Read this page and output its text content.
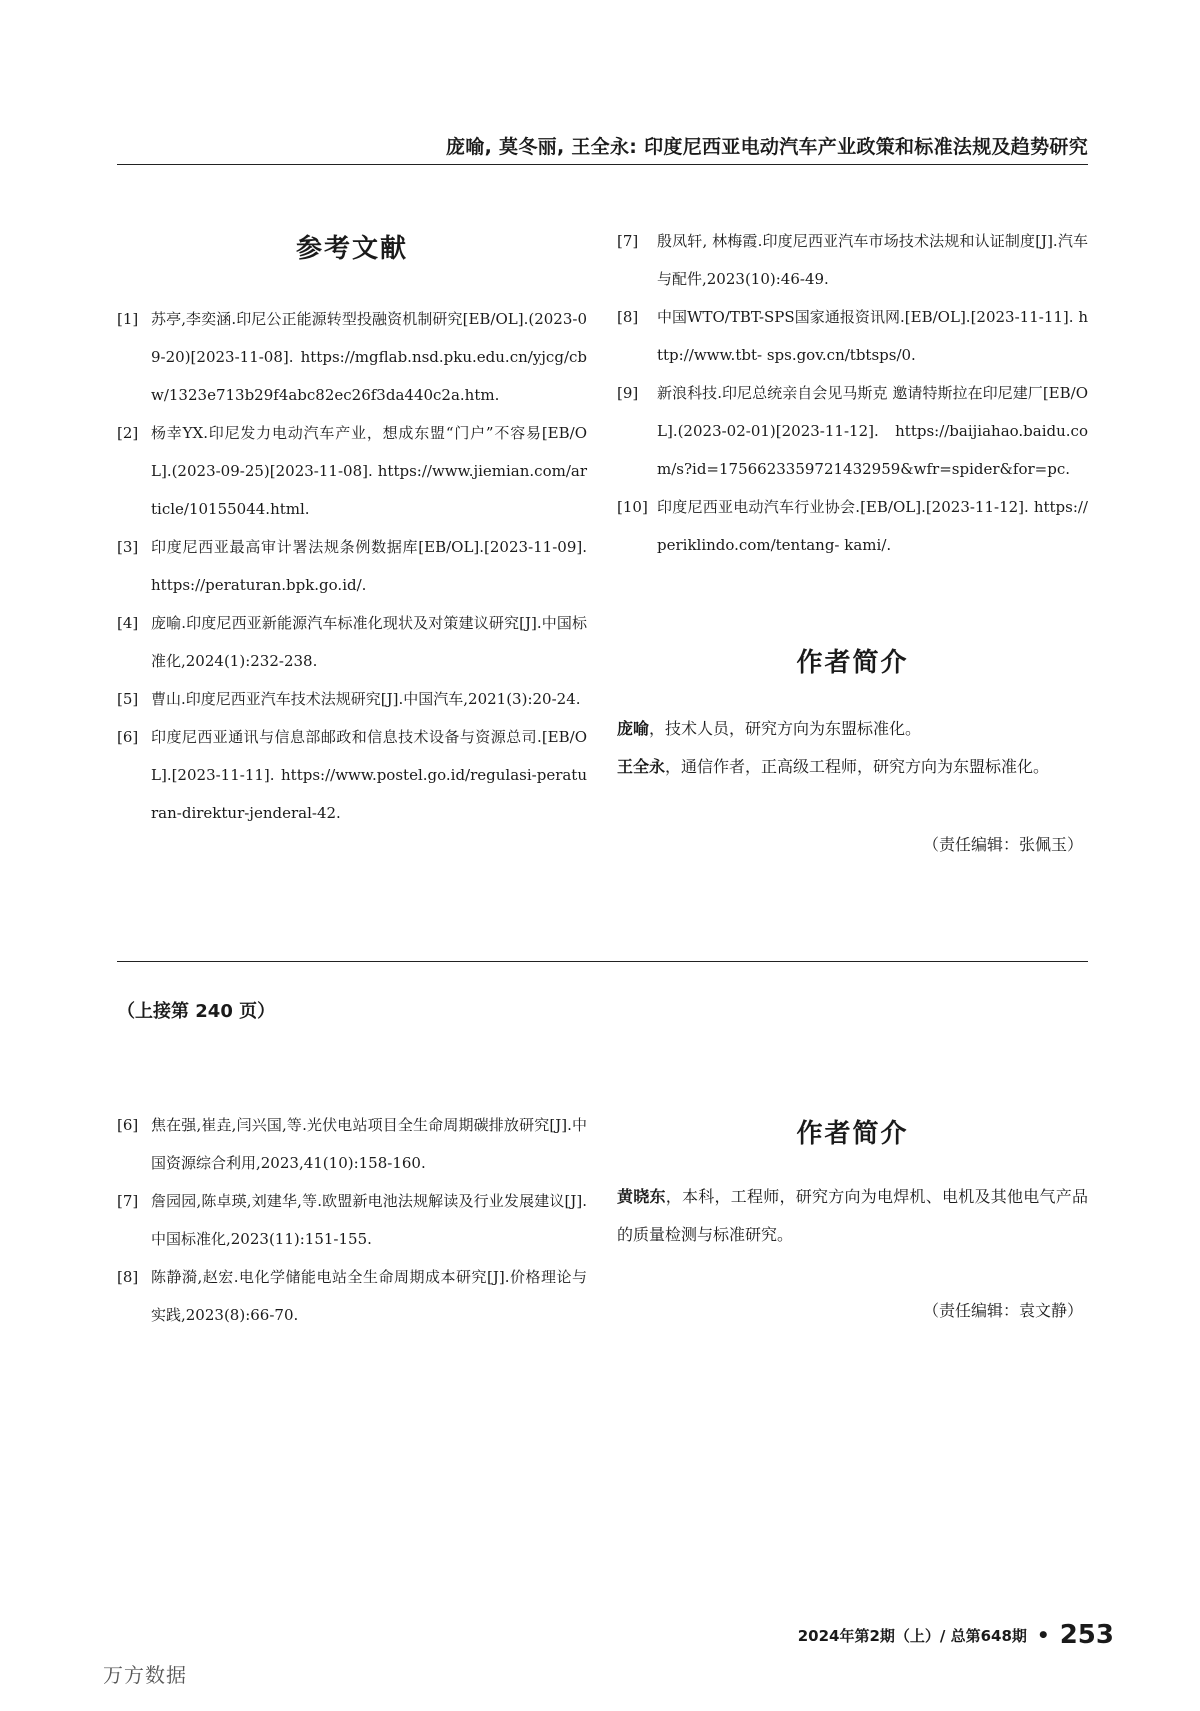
庞喻, 莫冬丽, 王全永: 印度尼西亚电动汽车产业政策和标准法规及趋势研究
参考文献
[1] 苏亭,李奕涵.印尼公正能源转型投融资机制研究[EB/OL].(2023-09-20)[2023-11-08]. https://mgflab.nsd.pku.edu.cn/yjcg/cbw/1323e713b29f4abc82ec26f3da440c2a.htm.
[2] 杨幸YX.印尼发力电动汽车产业，想成东盟“门户”不容易[EB/OL].(2023-09-25)[2023-11-08]. https://www.jiemian.com/article/10155044.html.
[3] 印度尼西亚最高审计署法规条例数据库[EB/OL].[2023-11-09]. https://peraturan.bpk.go.id/.
[4] 庞喻.印度尼西亚新能源汽车标准化现状及对策建议研究[J].中国标准化,2024(1):232-238.
[5] 曹山.印度尼西亚汽车技术法规研究[J].中国汽车,2021(3):20-24.
[6] 印度尼西亚通讯与信息部邮政和信息技术设备与资源总司.[EB/OL].[2023-11-11]. https://www.postel.go.id/regulasi-peraturan-direktur-jenderal-42.
[7]	殷凤轩, 林梅霞.印度尼西亚汽车市场技术法规和认证制度[J].汽车与配件,2023(10):46-49.
[8]	中国WTO/TBT-SPS国家通报资讯网.[EB/OL].[2023-11-11]. http://www.tbt- sps.gov.cn/tbtsps/0.
[9]	新浪科技.印尼总统亲自会见马斯克 邀请特斯拉在印尼建厂[EB/OL].(2023-02-01)[2023-11-12]. https://baijiahao.baidu.com/s?id=1756623359721432959&wfr=spider&for=pc.
[10] 印度尼西亚电动汽车行业协会.[EB/OL].[2023-11-12]. https://periklindo.com/tentang- kami/.
作者简介

庞喻，技术人员，研究方向为东盟标准化。

王全永，通信作者，正高级工程师，研究方向为东盟标准化。

（责任编辑：张佩玉）
（上接第 240 页）
[6] 焦在强,崔垚,闫兴国,等.光伏电站项目全生命周期碳排放研究[J].中国资源综合利用,2023,41(10):158-160.
[7] 詹园园,陈卓瑛,刘建华,等.欧盟新电池法规解读及行业发展建议[J].中国标准化,2023(11):151-155.
[8] 陈静漪,赵宏.电化学储能电站全生命周期成本研究[J].价格理论与实践,2023(8):66-70.
作者简介

黄晓东，本科，工程师，研究方向为电焊机、电机及其他电气产品的质量检测与标准研究。

（责任编辑：袁文静）
2024年第2期（上）/ 总第648期 • 253
万方数据
